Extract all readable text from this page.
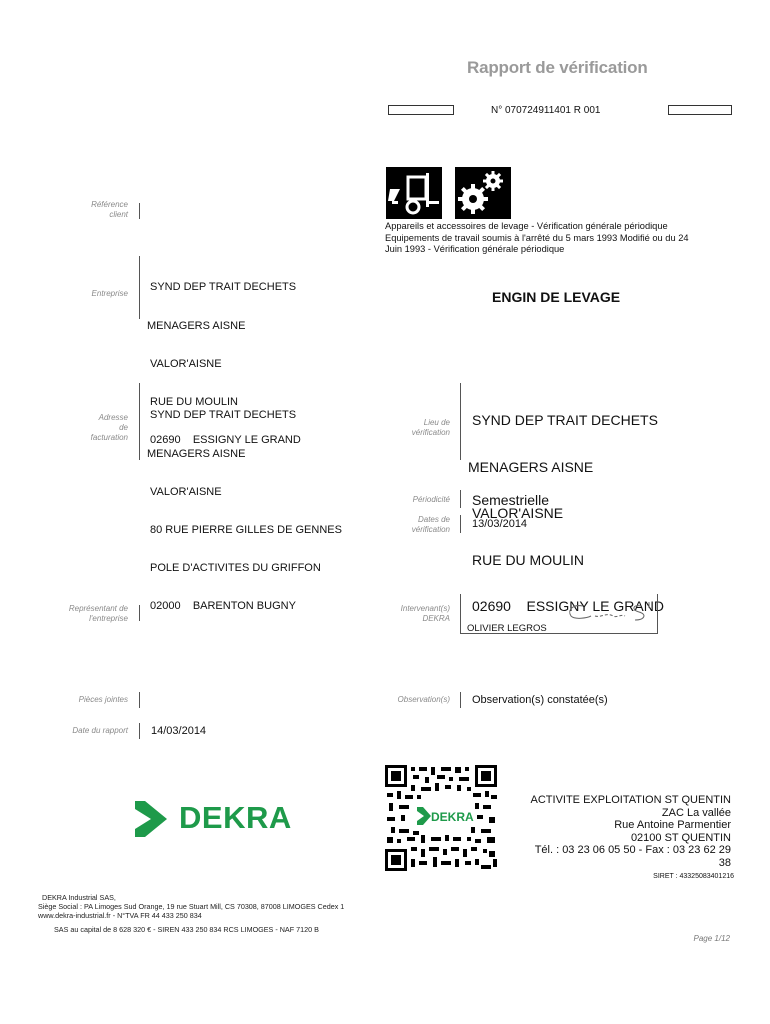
Rapport de vérification
N° 070724911401 R 001
Appareils et accessoires de levage - Vérification générale périodique
Equipements de travail soumis à l'arrêté du 5 mars 1993 Modifié ou du 24
Juin 1993 - Vérification générale périodique
ENGIN DE LEVAGE
Référence
client
Entreprise

SYND DEP TRAIT DECHETS

MENAGERS AISNE

VALOR'AISNE

RUE DU MOULIN

02690    ESSIGNY LE GRAND

Adresse
de
facturation

SYND DEP TRAIT DECHETS

MENAGERS AISNE

VALOR'AISNE

80 RUE PIERRE GILLES DE GENNES

POLE D'ACTIVITES DU GRIFFON

02000    BARENTON BUGNY

Lieu de
vérification

SYND DEP TRAIT DECHETS

MENAGERS AISNE

VALOR'AISNE

RUE DU MOULIN

02690    ESSIGNY LE GRAND

Périodicité Semestrielle
Dates de
vérification 13/03/2014
Représentant de
l'entreprise
Intervenant(s)
DEKRA
OLIVIER LEGROS
Pièces jointes	Observation(s) Observation(s) constatée(s)
Date du rapport 14/03/2014
DEKRA	DEKRA
ACTIVITE EXPLOITATION ST QUENTIN
ZAC La vallée
Rue Antoine Parmentier
02100 ST QUENTIN
Tél. : 03 23 06 05 50 - Fax : 03 23 62 29
38
SIRET : 43325083401216
DEKRA Industrial SAS,
Siège Social : PA Limoges Sud Orange, 19 rue Stuart Mill, CS 70308, 87008 LIMOGES Cedex 1
www.dekra-industrial.fr - N°TVA FR 44 433 250 834
SAS au capital de 8 628 320 € - SIREN 433 250 834 RCS LIMOGES - NAF 7120 B
Page 1/12
